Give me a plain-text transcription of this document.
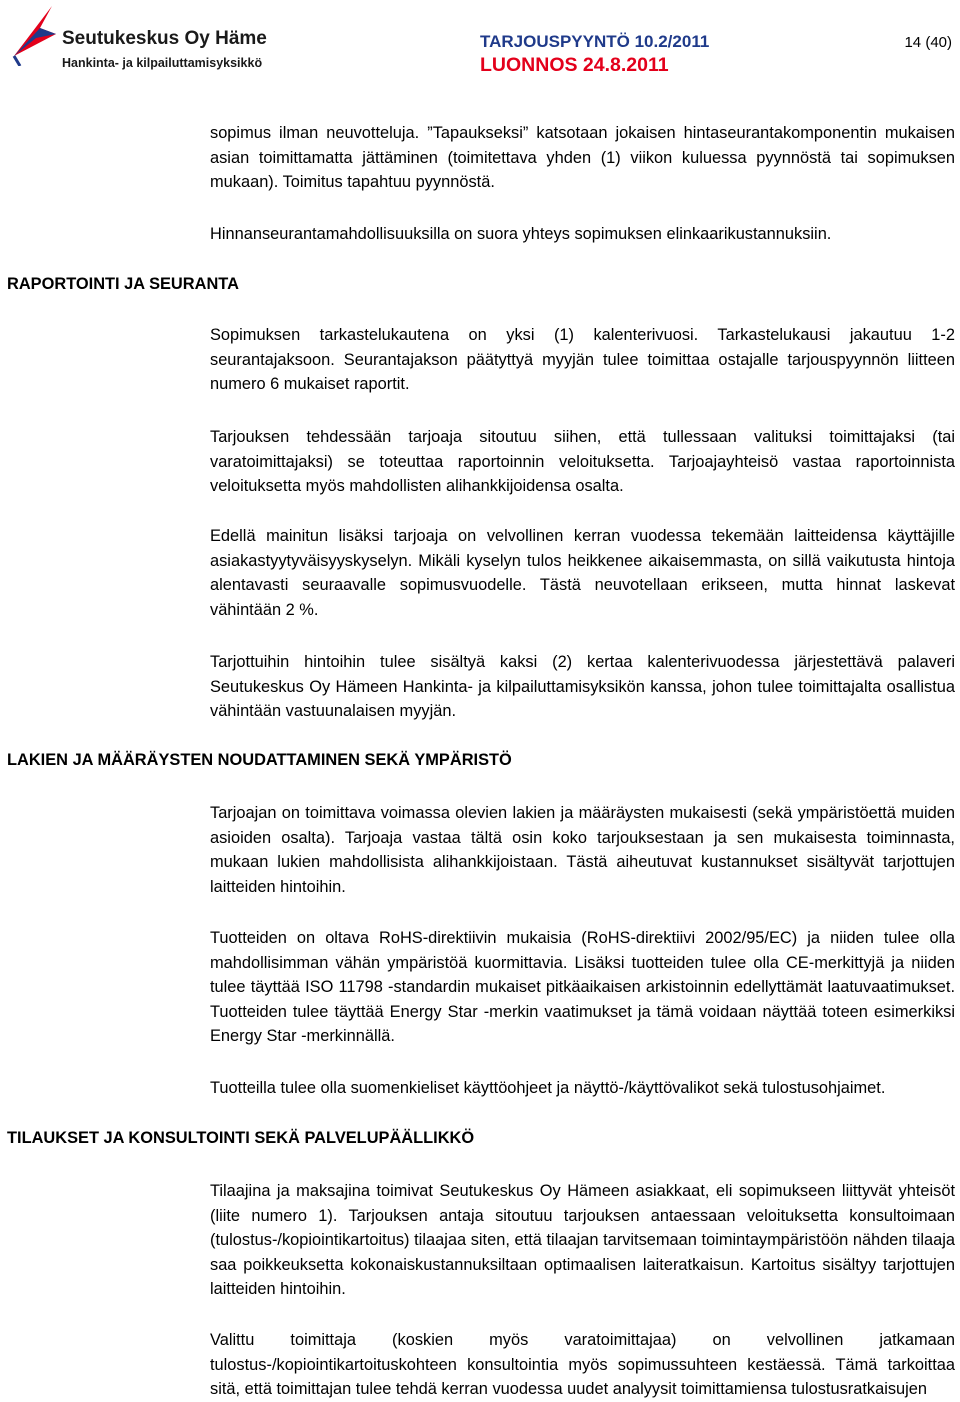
Seutukeskus Oy Häme
Hankinta- ja kilpailuttamisyksikkö
TARJOUSPYYNTÖ 10.2/2011
LUONNOS 24.8.2011
14 (40)

sopimus ilman neuvotteluja. ”Tapaukseksi” katsotaan jokaisen hintaseurantakomponentin mukaisen asian toimittamatta jättäminen (toimitettava yhden (1) viikon kuluessa pyynnöstä tai sopimuksen mukaan). Toimitus tapahtuu pyynnöstä.

Hinnanseurantamahdollisuuksilla on suora yhteys sopimuksen elinkaarikustannuksiin.

RAPORTOINTI JA SEURANTA

Sopimuksen tarkastelukautena on yksi (1) kalenterivuosi. Tarkastelukausi jakautuu 1-2 seurantajaksoon. Seurantajakson päätyttyä myyjän tulee toimittaa ostajalle tarjouspyynnön liitteen numero 6 mukaiset raportit.

Tarjouksen tehdessään tarjoaja sitoutuu siihen, että tullessaan valituksi toimittajaksi (tai varatoimittajaksi) se toteuttaa raportoinnin veloituksetta. Tarjoajayhteisö vastaa raportoinnista veloituksetta myös mahdollisten alihankkijoidensa osalta.

Edellä mainitun lisäksi tarjoaja on velvollinen kerran vuodessa tekemään laitteidensa käyttäjille asiakastyytyväisyyskyselyn. Mikäli kyselyn tulos heikkenee aikaisemmasta, on sillä vaikutusta hintoja alentavasti seuraavalle sopimusvuodelle. Tästä neuvotellaan erikseen, mutta hinnat laskevat vähintään 2 %.

Tarjottuihin hintoihin tulee sisältyä kaksi (2) kertaa kalenterivuodessa järjestettävä palaveri Seutukeskus Oy Hämeen Hankinta- ja kilpailuttamisyksikön kanssa, johon tulee toimittajalta osallistua vähintään vastuunalaisen myyjän.

LAKIEN JA MÄÄRÄYSTEN NOUDATTAMINEN SEKÄ YMPÄRISTÖ

Tarjoajan on toimittava voimassa olevien lakien ja määräysten mukaisesti (sekä ympäristöettä muiden asioiden osalta). Tarjoaja vastaa tältä osin koko tarjouksestaan ja sen mukaisesta toiminnasta, mukaan lukien mahdollisista alihankkijoistaan. Tästä aiheutuvat kustannukset sisältyvät tarjottujen laitteiden hintoihin.

Tuotteiden on oltava RoHS-direktiivin mukaisia (RoHS-direktiivi 2002/95/EC) ja niiden tulee olla mahdollisimman vähän ympäristöä kuormittavia. Lisäksi tuotteiden tulee olla CE-merkittyjä ja niiden tulee täyttää ISO 11798 -standardin mukaiset pitkäaikaisen arkistoinnin edellyttämät laatuvaatimukset. Tuotteiden tulee täyttää Energy Star -merkin vaatimukset ja tämä voidaan näyttää toteen esimerkiksi Energy Star -merkinnällä.

Tuotteilla tulee olla suomenkieliset käyttöohjeet ja näyttö-/käyttövalikot sekä tulostusohjaimet.

TILAUKSET JA KONSULTOINTI SEKÄ PALVELUPÄÄLLIKKÖ

Tilaajina ja maksajina toimivat Seutukeskus Oy Hämeen asiakkaat, eli sopimukseen liittyvät yhteisöt (liite numero 1). Tarjouksen antaja sitoutuu tarjouksen antaessaan veloituksetta konsultoimaan (tulostus-/kopiointikartoitus) tilaajaa siten, että tilaajan tarvitsemaan toimintaympäristöön nähden tilaaja saa poikkeuksetta kokonaiskustannuksiltaan optimaalisen laiteratkaisun. Kartoitus sisältyy tarjottujen laitteiden hintoihin.

Valittu toimittaja (koskien myös varatoimittajaa) on velvollinen jatkamaan tulostus-/kopiointikartoituskohteen konsultointia myös sopimussuhteen kestäessä. Tämä tarkoittaa sitä, että toimittajan tulee tehdä kerran vuodessa uudet analyysit toimittamiensa tulostusratkaisujen
